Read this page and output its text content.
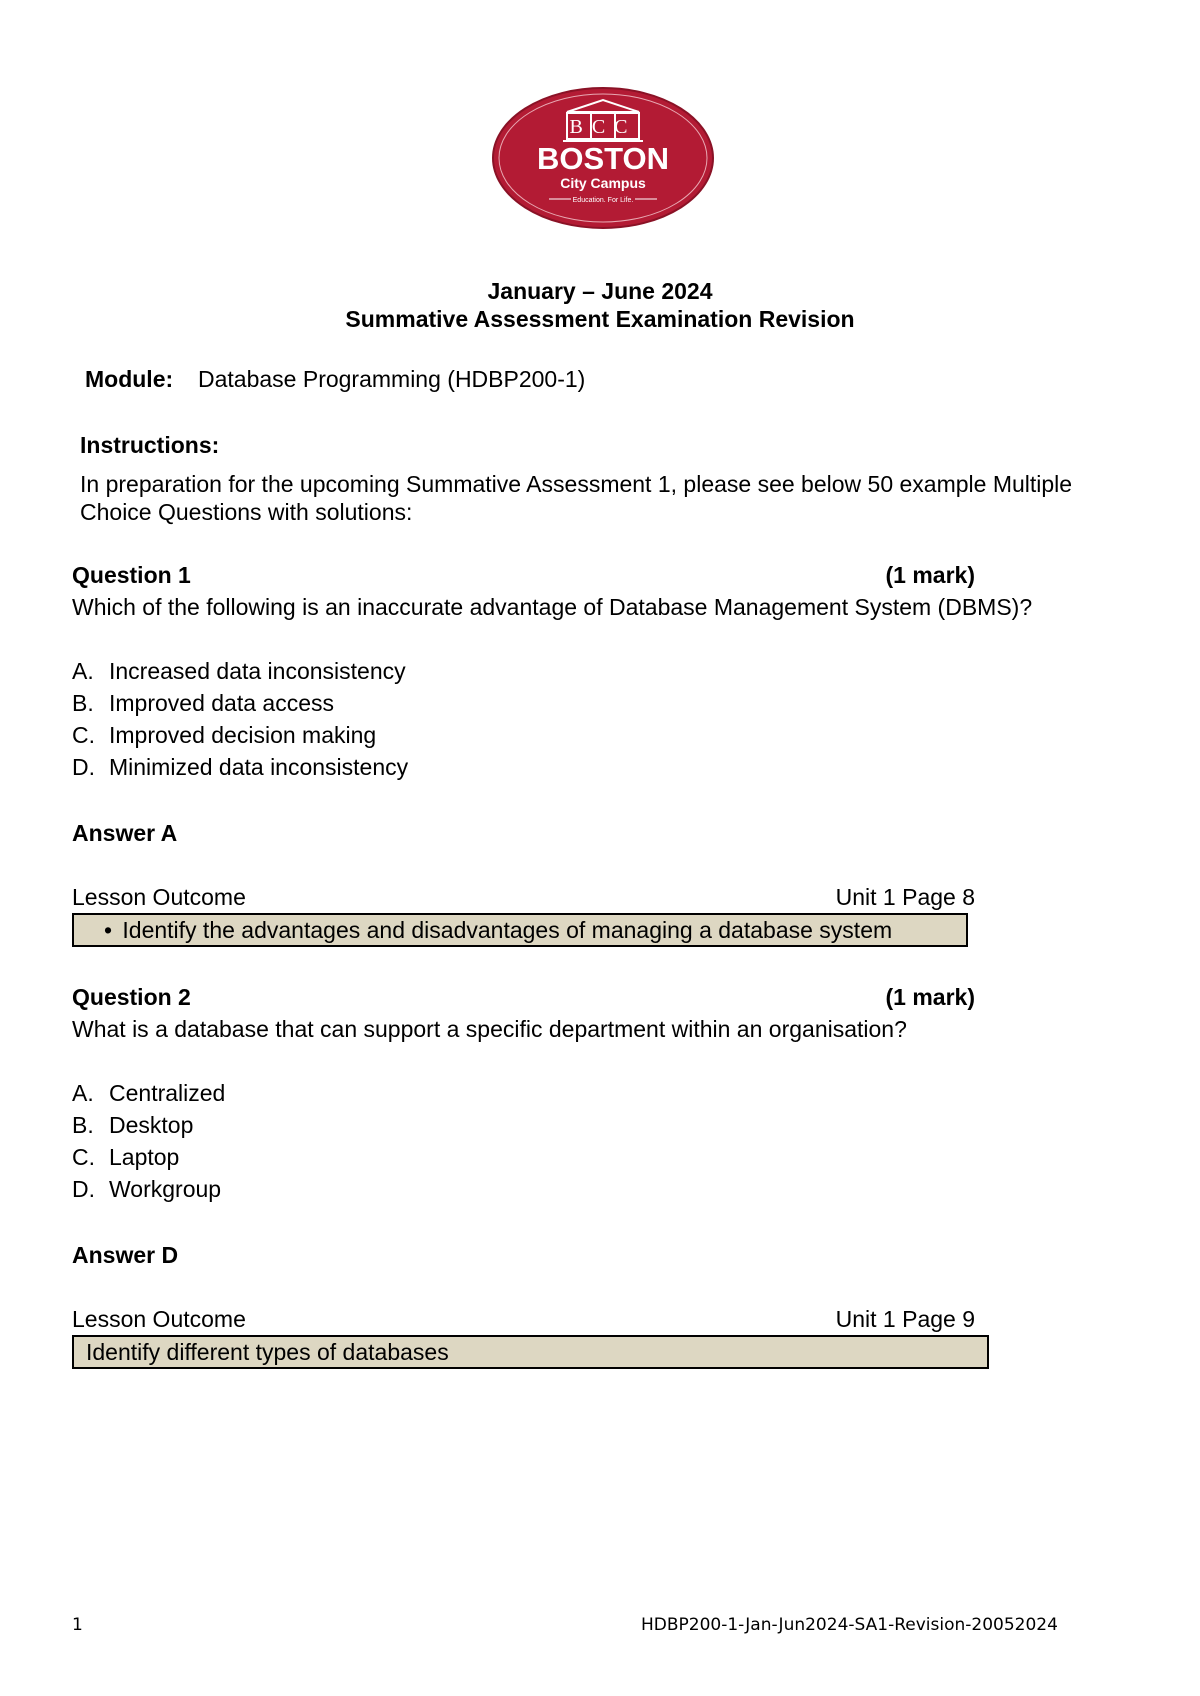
BCC
BOSTON
City Campus
Education. For Life.
January – June 2024
Summative Assessment Examination Revision
Module: Database Programming (HDBP200-1)
Instructions:
In preparation for the upcoming Summative Assessment 1, please see below 50 example Multiple Choice Questions with solutions:
Question 1	(1 mark)
Which of the following is an inaccurate advantage of Database Management System (DBMS)?
A. Increased data inconsistency
B. Improved data access
C. Improved decision making
D. Minimized data inconsistency
Answer A
Lesson Outcome	Unit 1 Page 8
• Identify the advantages and disadvantages of managing a database system
Question 2	(1 mark)
What is a database that can support a specific department within an organisation?
A. Centralized
B. Desktop
C. Laptop
D. Workgroup
Answer D
Lesson Outcome	Unit 1 Page 9
Identify different types of databases
1	HDBP200-1-Jan-Jun2024-SA1-Revision-20052024
